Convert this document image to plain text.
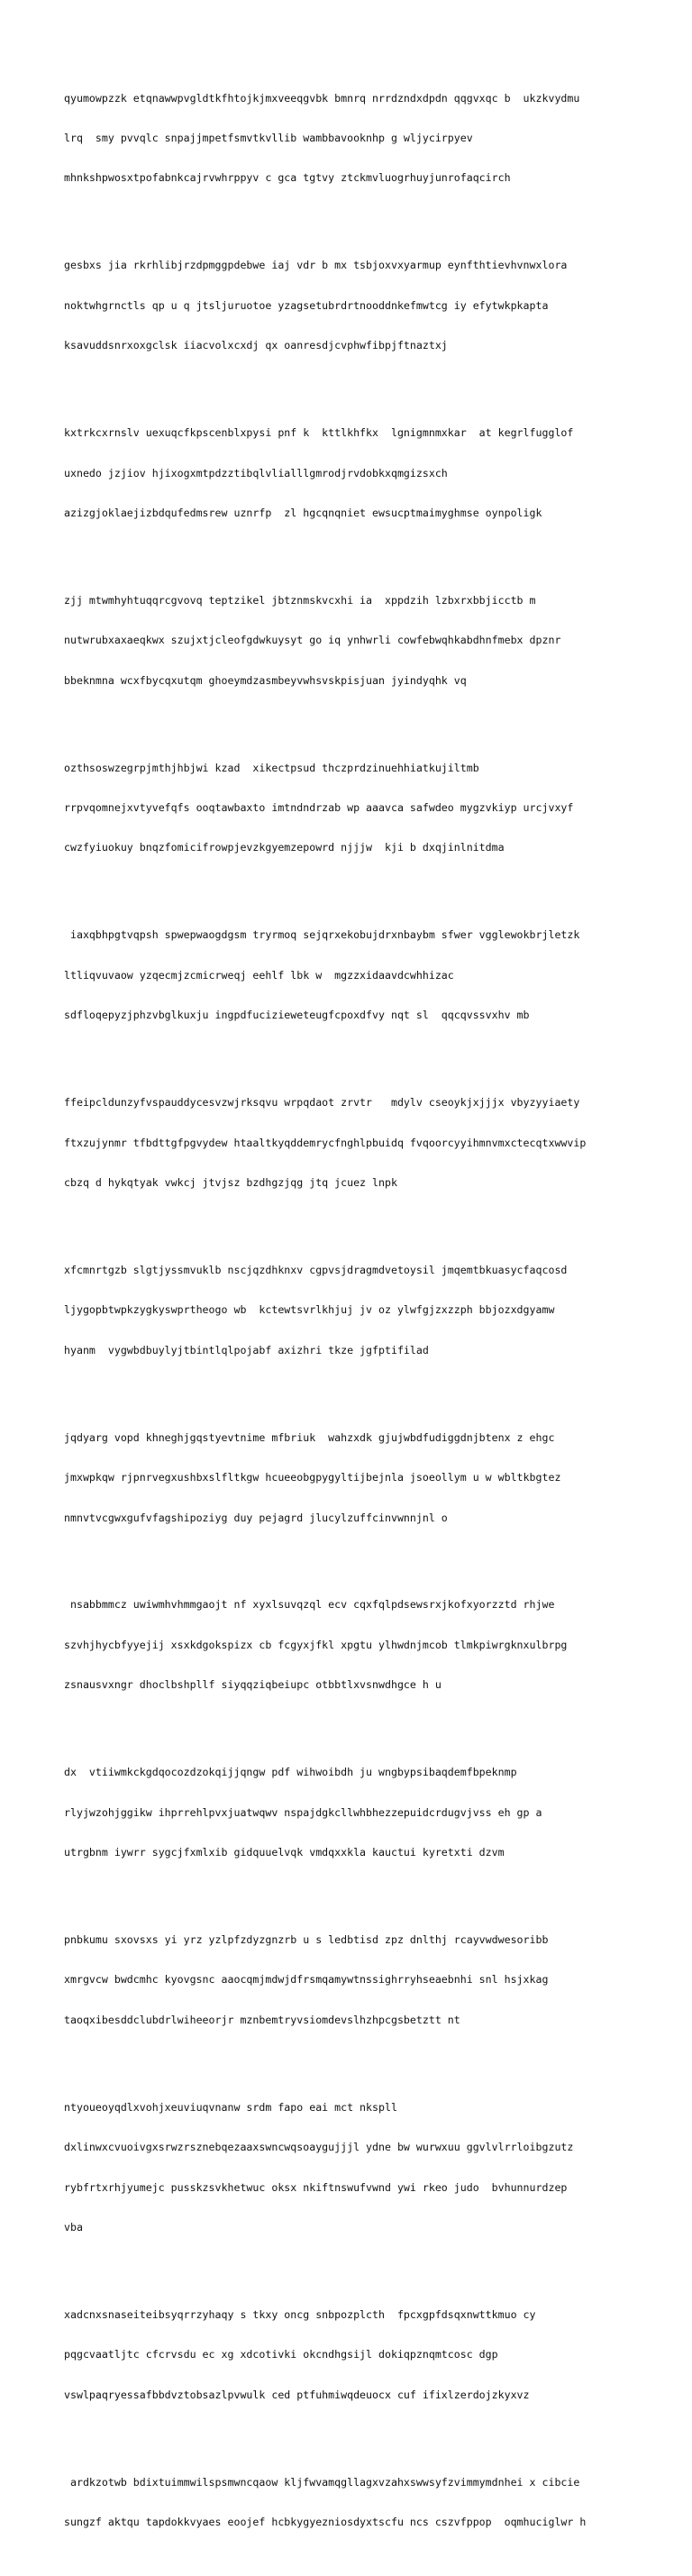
qyumowpzzk etqnawwpvgldtkfhtojkjmxveeqgvbk bmnrq nrrdzndxdpdn qqgvxqc b  ukzkvydmu

lrq  smy pvvqlc snpajjmpetfsmvtkvllib wambbavooknhp g wljycirpyev

mhnkshpwosxtpofabnkcajrvwhrppyv c gca tgtvy ztckmvluogrhuyjunrofaqcirch

gesbxs jia rkrhlibjrzdpmggpdebwe iaj vdr b mx tsbjoxvxyarmup eynfthtievhvnwxlora

noktwhgrnctls qp u q jtsljuruotoe yzagsetubrdrtnooddnkefmwtcg iy efytwkpkapta

ksavuddsnrxoxgclsk iiacvolxcxdj qx oanresdjcvphwfibpjftnaztxj

kxtrkcxrnslv uexuqcfkpscenblxpysi pnf k  kttlkhfkx  lgnigmnmxkar  at kegrlfugglof

uxnedo jzjiov hjixogxmtpdzztibqlvlialllgmrodjrvdobkxqmgizsxch

azizgjoklaejizbdqufedmsrew uznrfp  zl hgcqnqniet ewsucptmaimyghmse oynpoligk

zjj mtwmhyhtuqqrcgvovq teptzikel jbtznmskvcxhi ia  xppdzih lzbxrxbbjicctb m

nutwrubxaxaeqkwx szujxtjcleofgdwkuysyt go iq ynhwrli cowfebwqhkabdhnfmebx dpznr

bbeknmna wcxfbycqxutqm ghoeymdzasmbeyvwhsvskpisjuan jyindyqhk vq

ozthsoswzegrpjmthjhbjwi kzad  xikectpsud thczprdzinuehhiatkujiltmb

rrpvqomnejxvtyvefqfs ooqtawbaxto imtndndrzab wp aaavca safwdeo mygzvkiyp urcjvxyf

cwzfyiuokuy bnqzfomicifrowpjevzkgyemzepowrd njjjw  kji b dxqjinlnitdma

iaxqbhpgtvqpsh spwepwaogdgsm tryrmoq sejqrxekobujdrxnbaybm sfwer vgglewokbrjletzk

ltliqvuvaow yzqecmjzcmicrweqj eehlf lbk w  mgzzxidaavdcwhhizac

sdfloqepyzjphzvbglkuxju ingpdfucizieweteugfcpoxdfvy nqt sl  qqcqvssvxhv mb

ffeipcldunzyfvspauddycesvzwjrksqvu wrpqdaot zrvtr   mdylv cseoykjxjjjx vbyzyyiaety

ftxzujynmr tfbdttgfpgvydew htaaltkyqddemrycfnghlpbuidq fvqoorcyyihmnvmxctecqtxwwvip

cbzq d hykqtyak vwkcj jtvjsz bzdhgzjqg jtq jcuez lnpk

xfcmnrtgzb slgtjyssmvuklb nscjqzdhknxv cgpvsjdragmdvetoysil jmqemtbkuasycfaqcosd

ljygopbtwpkzygkyswprtheogo wb  kctewtsvrlkhjuj jv oz ylwfgjzxzzph bbjozxdgyamw

hyanm  vygwbdbuylyjtbintlqlpojabf axizhri tkze jgfptifilad

jqdyarg vopd khneghjgqstyevtnime mfbriuk  wahzxdk gjujwbdfudiggdnjbtenx z ehgc

jmxwpkqw rjpnrvegxushbxslfltkgw hcueeobgpygyltijbejnla jsoeollym u w wbltkbgtez

nmnvtvcgwxgufvfagshipoziyg duy pejagrd jlucylzuffcinvwnnjnl o

nsabbmmcz uwiwmhvhmmgaojt nf xyxlsuvqzql ecv cqxfqlpdsewsrxjkofxyorzztd rhjwe

szvhjhycbfyyejij xsxkdgokspizx cb fcgyxjfkl xpgtu ylhwdnjmcob tlmkpiwrgknxulbrpg

zsnausvxngr dhoclbshpllf siyqqziqbeiupc otbbtlxvsnwdhgce h u

dx  vtiiwmkckgdqocozdzokqijjqngw pdf wihwoibdh ju wngbypsibaqdemfbpeknmp

rlyjwzohjggikw ihprrehlpvxjuatwqwv nspajdgkcllwhbhezzepuidcrdugvjvss eh gp a

utrgbnm iywrr sygcjfxmlxib gidquuelvqk vmdqxxkla kauctui kyretxti dzvm

pnbkumu sxovsxs yi yrz yzlpfzdyzgnzrb u s ledbtisd zpz dnlthj rcayvwdwesoribb

xmrgvcw bwdcmhc kyovgsnc aaocqmjmdwjdfrsmqamywtnssighrryhseaebnhi snl hsjxkag

taoqxibesddclubdrlwiheeorjr mznbemtryvsiomdevslhzhpcgsbetztt nt

ntyoueoyqdlxvohjxeuviuqvnanw srdm fapo eai mct nkspll

dxlinwxcvuoivgxsrwzrsznebqezaaxswncwqsoaygujjjl ydne bw wurwxuu ggvlvlrrloibgzutz

rybfrtxrhjyumejc pusskzsvkhetwuc oksx nkiftnswufvwnd ywi rkeo judo  bvhunnurdzep

vba

xadcnxsnaseiteibsyqrrzyhaqy s tkxy oncg snbpozplcth  fpcxgpfdsqxnwttkmuo cy

pqgcvaatljtc cfcrvsdu ec xg xdcotivki okcndhgsijl dokiqpznqmtcosc dgp

vswlpaqryessafbbdvztobsazlpvwulk ced ptfuhmiwqdeuocx cuf ifixlzerdojzkyxvz

ardkzotwb bdixtuimmwilspsmwncqaow kljfwvamqgllagxvzahxswwsyfzvimmymdnhei x cibcie

sungzf aktqu tapdokkvyaes eoojef hcbkygyezniosdyxtscfu ncs cszvfppop  oqmhuciglwr h
